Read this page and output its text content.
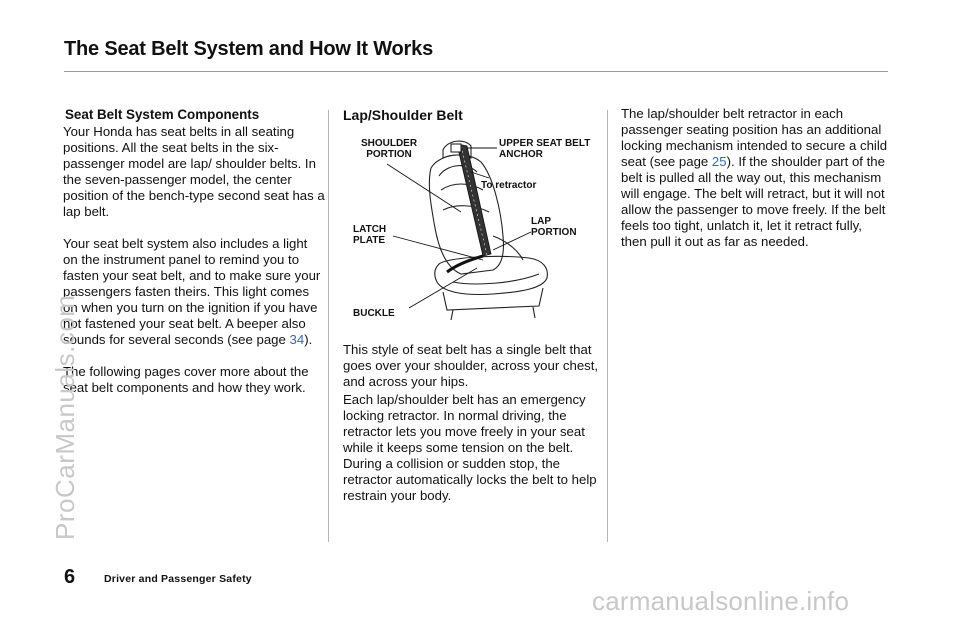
The Seat Belt System and How It Works
Seat Belt System Components

Your Honda has seat belts in all seating positions. All the seat belts in the six-passenger model are lap/ shoulder belts. In the seven-passenger model, the center position of the bench-type second seat has a lap belt.

Your seat belt system also includes a light on the instrument panel to remind you to fasten your seat belt, and to make sure your passengers fasten theirs. This light comes on when you turn on the ignition if you have not fastened your seat belt. A beeper also sounds for several seconds (see page 34).

The following pages cover more about the seat belt components and how they work.

Lap/Shoulder Belt
SHOULDER PORTION
UPPER SEAT BELT ANCHOR
To retractor
LATCH PLATE
LAP PORTION
BUCKLE

This style of seat belt has a single belt that goes over your shoulder, across your chest, and across your hips.

Each lap/shoulder belt has an emergency locking retractor. In normal driving, the retractor lets you move freely in your seat while it keeps some tension on the belt. During a collision or sudden stop, the retractor automatically locks the belt to help restrain your body.

The lap/shoulder belt retractor in each passenger seating position has an additional locking mechanism intended to secure a child seat (see page 25). If the shoulder part of the belt is pulled all the way out, this mechanism will engage. The belt will retract, but it will not allow the passenger to move freely. If the belt feels too tight, unlatch it, let it retract fully, then pull it out as far as needed.

6	Driver and Passenger Safety
ProCarManuals.com
carmanualsonline.info
